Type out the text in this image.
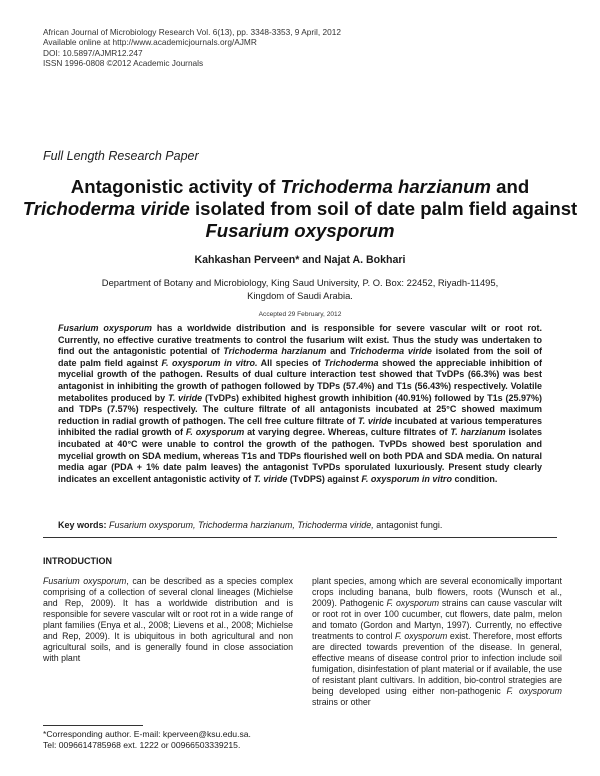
African Journal of Microbiology Research Vol. 6(13), pp. 3348-3353, 9 April, 2012
Available online at http://www.academicjournals.org/AJMR
DOI: 10.5897/AJMR12.247
ISSN 1996-0808 ©2012 Academic Journals
Full Length Research Paper
Antagonistic activity of Trichoderma harzianum and
Trichoderma viride isolated from soil of date palm field against Fusarium oxysporum
Kahkashan Perveen* and Najat A. Bokhari
Department of Botany and Microbiology, King Saud University, P. O. Box: 22452, Riyadh-11495,
Kingdom of Saudi Arabia.
Accepted 29 February, 2012
Fusarium oxysporum has a worldwide distribution and is responsible for severe vascular wilt or root rot. Currently, no effective curative treatments to control the fusarium wilt exist. Thus the study was undertaken to find out the antagonistic potential of Trichoderma harzianum and Trichoderma viride isolated from the soil of date palm field against F. oxysporum in vitro. All species of Trichoderma showed the appreciable inhibition of mycelial growth of the pathogen. Results of dual culture interaction test showed that TvDPs (66.3%) was best antagonist in inhibiting the growth of pathogen followed by TDPs (57.4%) and T1s (56.43%) respectively. Volatile metabolites produced by T. viride (TvDPs) exhibited highest growth inhibition (40.91%) followed by T1s (25.97%) and TDPs (7.57%) respectively. The culture filtrate of all antagonists incubated at 25°C showed maximum reduction in radial growth of pathogen. The cell free culture filtrate of T. viride incubated at various temperatures inhibited the radial growth of F. oxysporum at varying degree. Whereas, culture filtrates of T. harzianum isolates incubated at 40°C were unable to control the growth of the pathogen. TvPDs showed best sporulation and mycelial growth on SDA medium, whereas T1s and TDPs flourished well on both PDA and SDA media. On natural media agar (PDA + 1% date palm leaves) the antagonist TvPDs sporulated luxuriously. Present study clearly indicates an excellent antagonistic activity of T. viride (TvDPS) against F. oxysporum in vitro condition.
Key words: Fusarium oxysporum, Trichoderma harzianum, Trichoderma viride, antagonist fungi.
INTRODUCTION
Fusarium oxysporum, can be described as a species complex comprising of a collection of several clonal lineages (Michielse and Rep, 2009). It has a worldwide distribution and is responsible for severe vascular wilt or root rot in a wide range of plant families (Enya et al., 2008; Lievens et al., 2008; Michielse and Rep, 2009). It is ubiquitous in both agricultural and non agricultural soils, and is generally found in close association with plant
plant species, among which are several economically important crops including banana, bulb flowers, roots (Wunsch et al., 2009). Pathogenic F. oxysporum strains can cause vascular wilt or root rot in over 100 cucumber, cut flowers, date palm, melon and tomato (Gordon and Martyn, 1997). Currently, no effective treatments to control F. oxysporum exist. Therefore, most efforts are directed towards prevention of the disease. In general, effective means of disease control prior to infection include soil fumigation, disinfestation of plant material or if available, the use of resistant plant cultivars. In addition, bio-control strategies are being developed using either non-pathogenic F. oxysporum strains or other
*Corresponding author. E-mail: kperveen@ksu.edu.sa.
Tel: 0096614785968 ext. 1222 or 00966503339215.
